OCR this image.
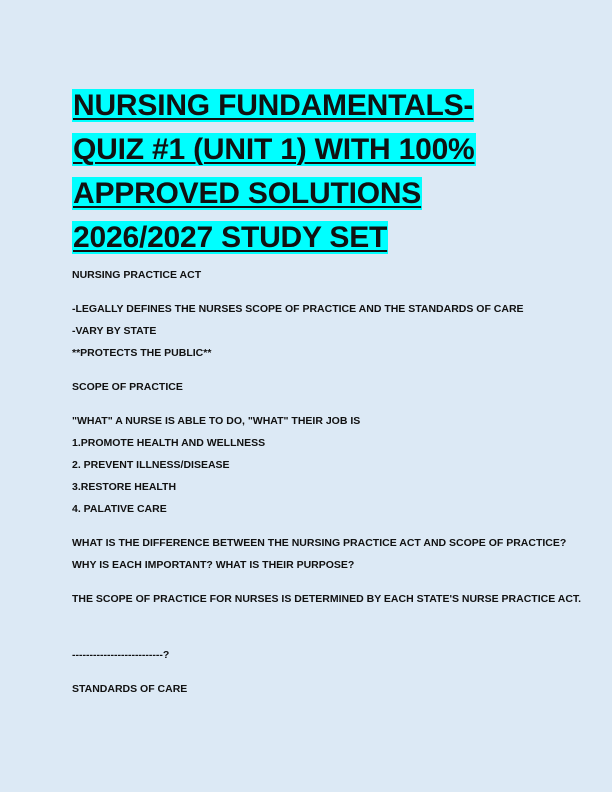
NURSING FUNDAMENTALS-
QUIZ #1 (UNIT 1) WITH 100%
APPROVED SOLUTIONS
2026/2027 STUDY SET

NURSING PRACTICE ACT

-LEGALLY DEFINES THE NURSES SCOPE OF PRACTICE AND THE STANDARDS OF CARE

-VARY BY STATE

**PROTECTS THE PUBLIC**

SCOPE OF PRACTICE

"WHAT" A NURSE IS ABLE TO DO, "WHAT" THEIR JOB IS

1.PROMOTE HEALTH AND WELLNESS

2. PREVENT ILLNESS/DISEASE

3.RESTORE HEALTH

4. PALATIVE CARE

WHAT IS THE DIFFERENCE BETWEEN THE NURSING PRACTICE ACT AND SCOPE OF PRACTICE?

WHY IS EACH IMPORTANT? WHAT IS THEIR PURPOSE?

THE SCOPE OF PRACTICE FOR NURSES IS DETERMINED BY EACH STATE'S NURSE PRACTICE ACT.

--------------------------?

STANDARDS OF CARE
